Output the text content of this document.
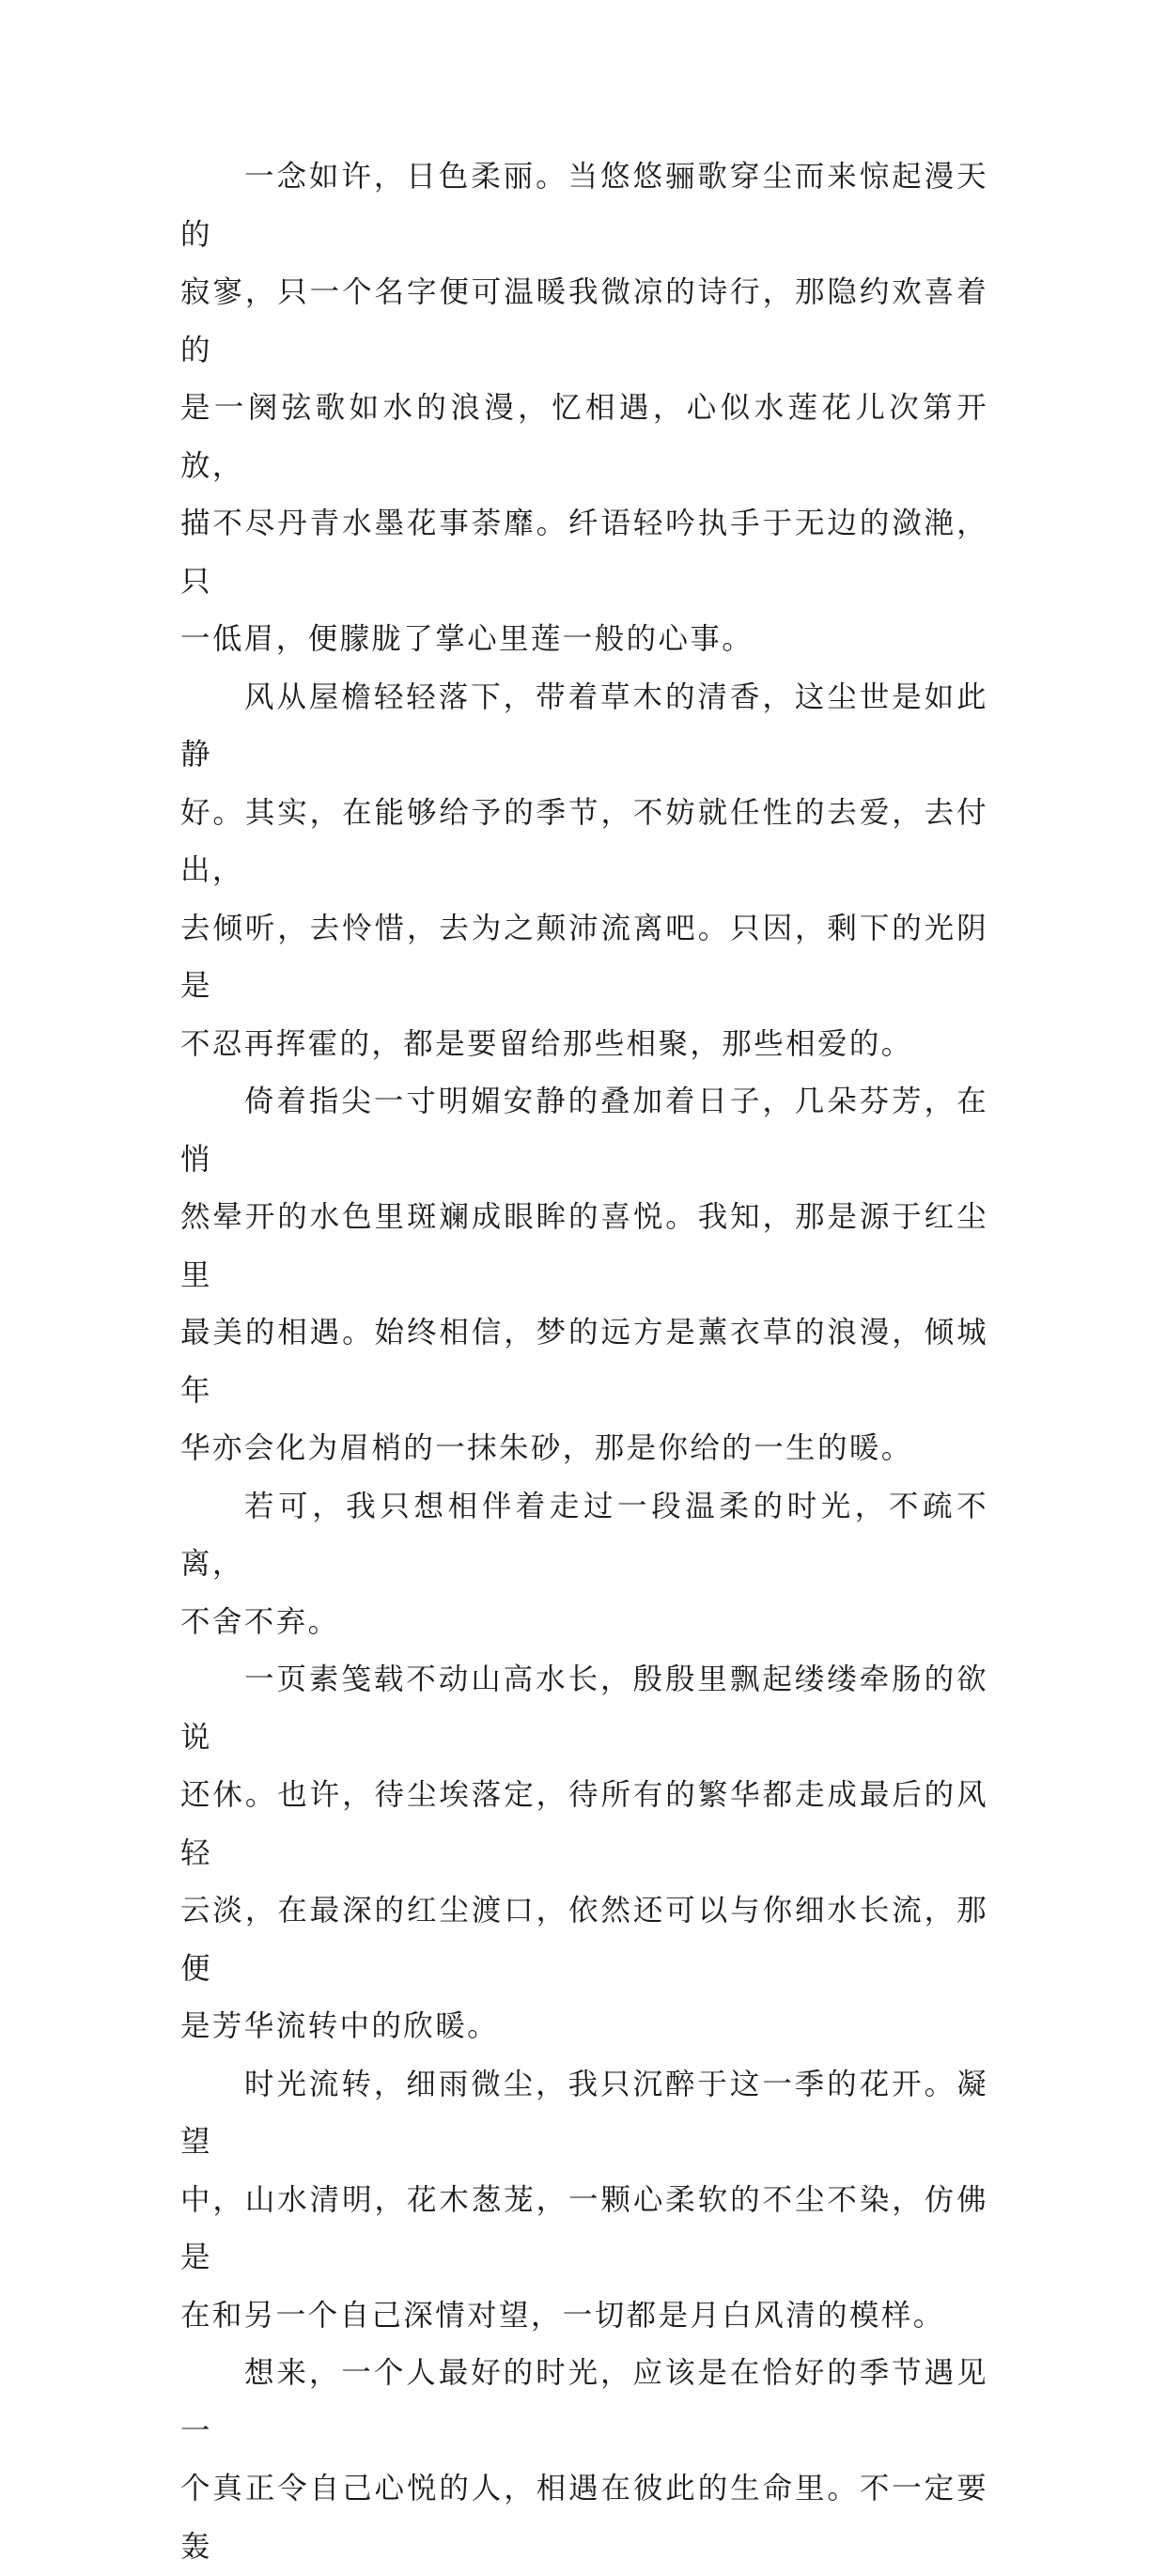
一念如许，日色柔丽。当悠悠骊歌穿尘而来惊起漫天的
寂寥，只一个名字便可温暖我微凉的诗行，那隐约欢喜着的
是一阕弦歌如水的浪漫，忆相遇，心似水莲花儿次第开放，
描不尽丹青水墨花事荼靡。纤语轻吟执手于无边的潋滟，只
一低眉，便朦胧了掌心里莲一般的心事。

风从屋檐轻轻落下，带着草木的清香，这尘世是如此静
好。其实，在能够给予的季节，不妨就任性的去爱，去付出，
去倾听，去怜惜，去为之颠沛流离吧。只因，剩下的光阴是
不忍再挥霍的，都是要留给那些相聚，那些相爱的。

倚着指尖一寸明媚安静的叠加着日子，几朵芬芳，在悄
然晕开的水色里斑斓成眼眸的喜悦。我知，那是源于红尘里
最美的相遇。始终相信，梦的远方是薰衣草的浪漫，倾城年
华亦会化为眉梢的一抹朱砂，那是你给的一生的暖。

若可，我只想相伴着走过一段温柔的时光，不疏不离，
不舍不弃。

一页素笺载不动山高水长，殷殷里飘起缕缕牵肠的欲说
还休。也许，待尘埃落定，待所有的繁华都走成最后的风轻
云淡，在最深的红尘渡口，依然还可以与你细水长流，那便
是芳华流转中的欣暖。

时光流转，细雨微尘，我只沉醉于这一季的花开。凝望
中，山水清明，花木葱茏，一颗心柔软的不尘不染，仿佛是
在和另一个自己深情对望，一切都是月白风清的模样。

想来，一个人最好的时光，应该是在恰好的季节遇见一
个真正令自己心悦的人，相遇在彼此的生命里。不一定要轰
